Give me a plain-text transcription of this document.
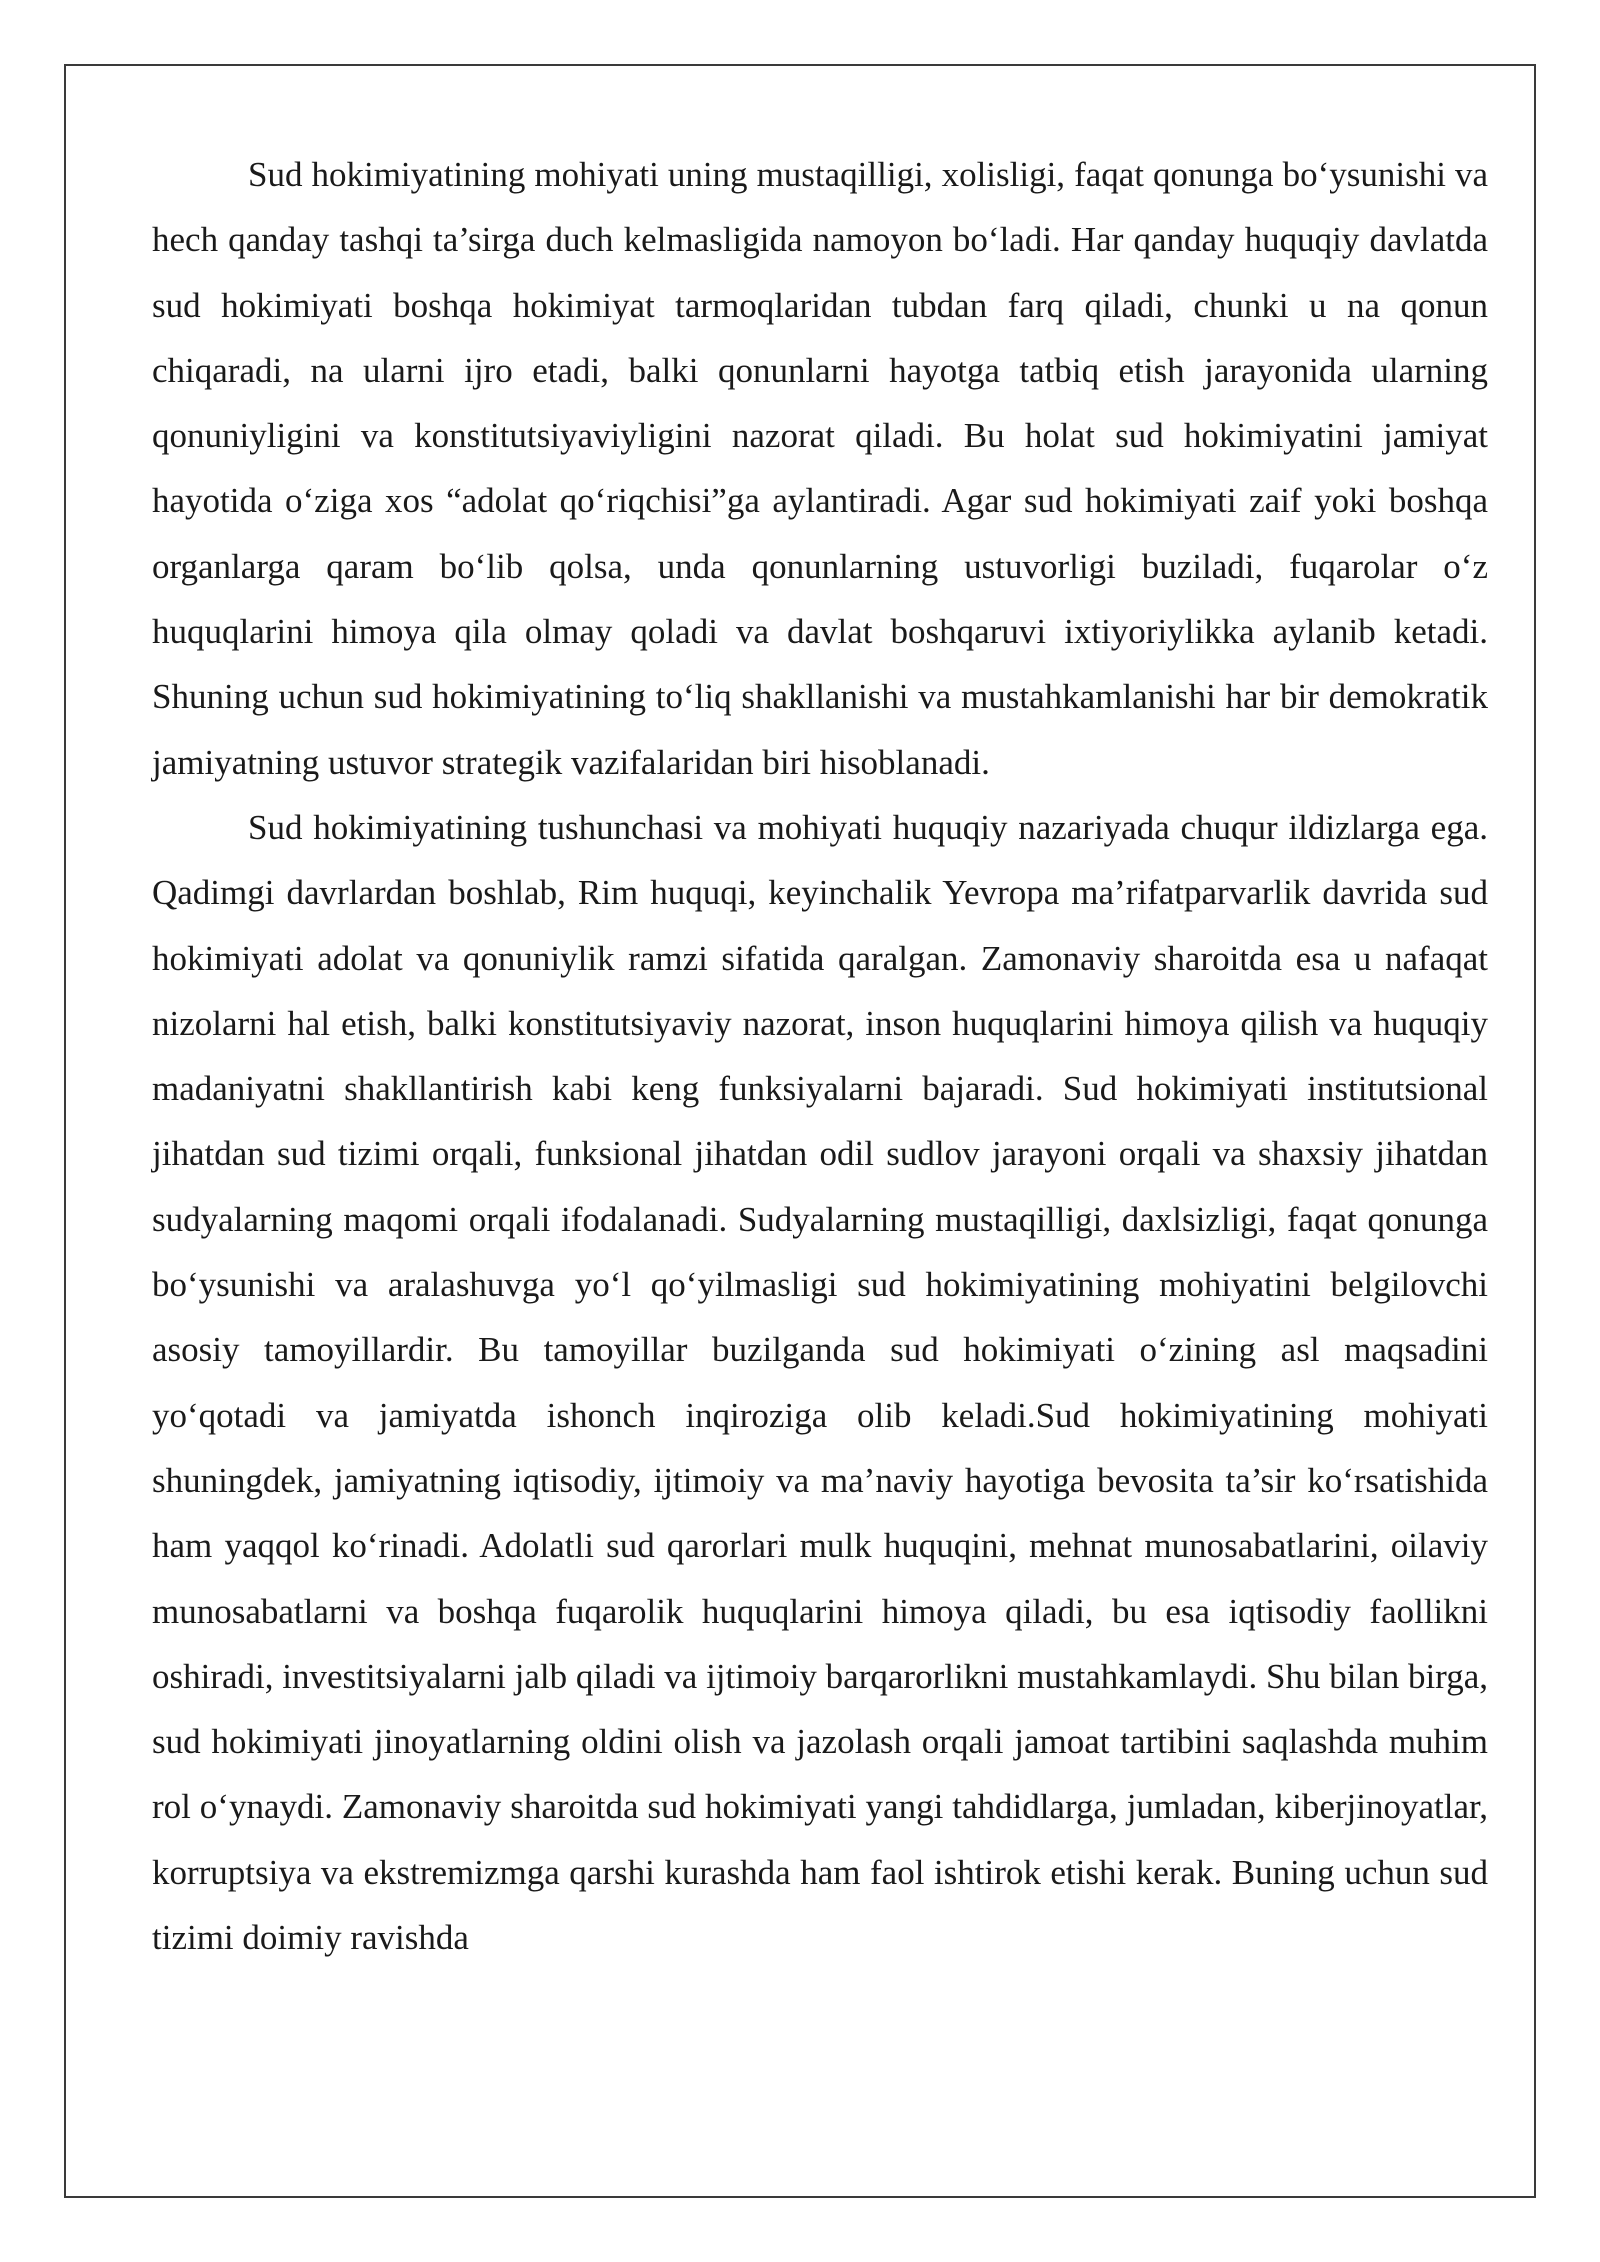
Sud hokimiyatining mohiyati uning mustaqilligi, xolisligi, faqat qonunga bo‘ysunishi va hech qanday tashqi ta’sirga duch kelmasligida namoyon bo‘ladi. Har qanday huquqiy davlatda sud hokimiyati boshqa hokimiyat tarmoqlaridan tubdan farq qiladi, chunki u na qonun chiqaradi, na ularni ijro etadi, balki qonunlarni hayotga tatbiq etish jarayonida ularning qonuniyligini va konstitutsiyaviyligini nazorat qiladi. Bu holat sud hokimiyatini jamiyat hayotida o‘ziga xos “adolat qo‘riqchisi”ga aylantiradi. Agar sud hokimiyati zaif yoki boshqa organlarga qaram bo‘lib qolsa, unda qonunlarning ustuvorligi buziladi, fuqarolar o‘z huquqlarini himoya qila olmay qoladi va davlat boshqaruvi ixtiyoriylikka aylanib ketadi. Shuning uchun sud hokimiyatining to‘liq shakllanishi va mustahkamlanishi har bir demokratik jamiyatning ustuvor strategik vazifalaridan biri hisoblanadi.

Sud hokimiyatining tushunchasi va mohiyati huquqiy nazariyada chuqur ildizlarga ega. Qadimgi davrlardan boshlab, Rim huquqi, keyinchalik Yevropa ma’rifatparvarlik davrida sud hokimiyati adolat va qonuniylik ramzi sifatida qaralgan. Zamonaviy sharoitda esa u nafaqat nizolarni hal etish, balki konstitutsiyaviy nazorat, inson huquqlarini himoya qilish va huquqiy madaniyatni shakllantirish kabi keng funksiyalarni bajaradi. Sud hokimiyati institutsional jihatdan sud tizimi orqali, funksional jihatdan odil sudlov jarayoni orqali va shaxsiy jihatdan sudyalarning maqomi orqali ifodalanadi. Sudyalarning mustaqilligi, daxlsizligi, faqat qonunga bo‘ysunishi va aralashuvga yo‘l qo‘yilmasligi sud hokimiyatining mohiyatini belgilovchi asosiy tamoyillardir. Bu tamoyillar buzilganda sud hokimiyati o‘zining asl maqsadini yo‘qotadi va jamiyatda ishonch inqiroziga olib keladi.Sud hokimiyatining mohiyati shuningdek, jamiyatning iqtisodiy, ijtimoiy va ma’naviy hayotiga bevosita ta’sir ko‘rsatishida ham yaqqol ko‘rinadi. Adolatli sud qarorlari mulk huquqini, mehnat munosabatlarini, oilaviy munosabatlarni va boshqa fuqarolik huquqlarini himoya qiladi, bu esa iqtisodiy faollikni oshiradi, investitsiyalarni jalb qiladi va ijtimoiy barqarorlikni mustahkamlaydi. Shu bilan birga, sud hokimiyati jinoyatlarning oldini olish va jazolash orqali jamoat tartibini saqlashda muhim rol o‘ynaydi. Zamonaviy sharoitda sud hokimiyati yangi tahdidlarga, jumladan, kiberjinoyatlar, korruptsiya va ekstremizmga qarshi kurashda ham faol ishtirok etishi kerak. Buning uchun sud tizimi doimiy ravishda
